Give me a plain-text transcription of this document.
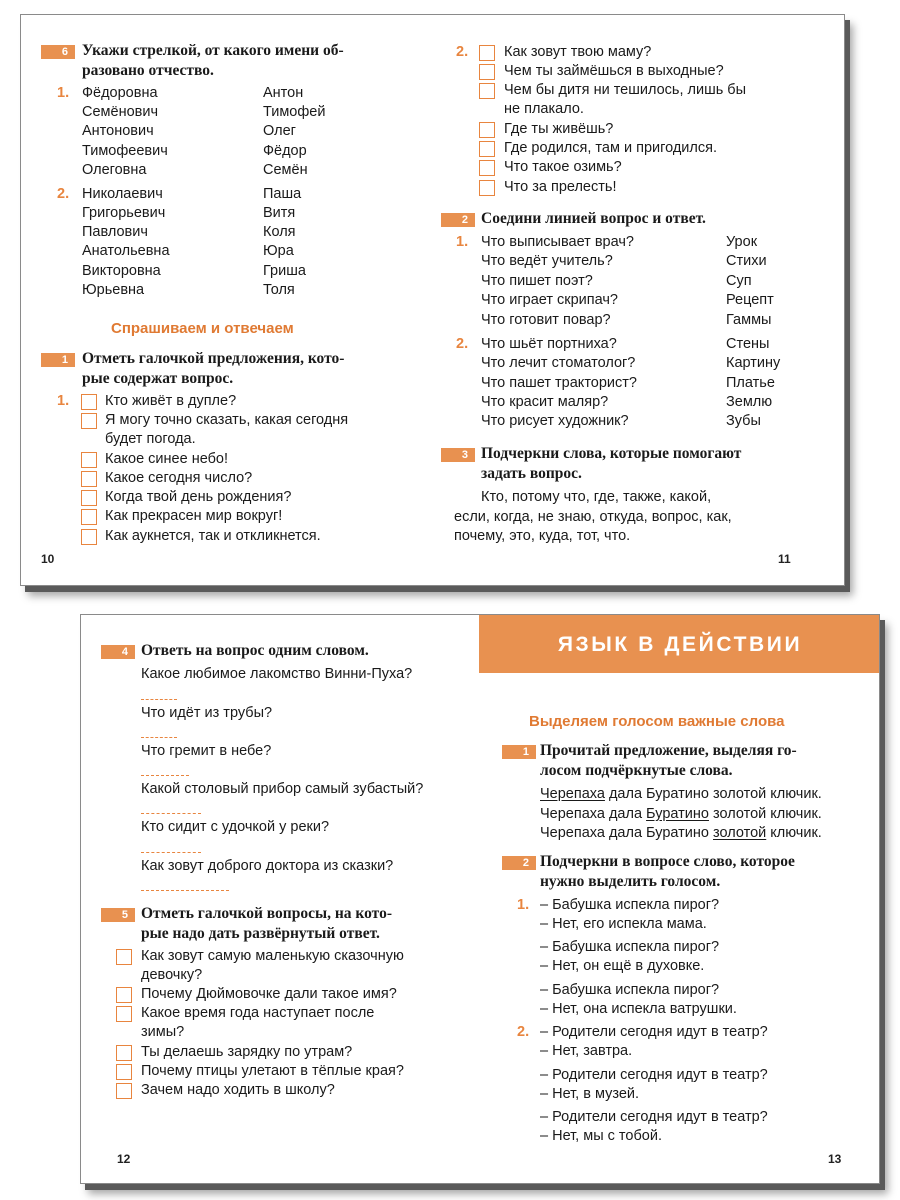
6 Укажи стрелкой, от какого имени об-
разовано отчество.
1. Фёдоровна
Семёнович
Антонович
Тимофеевич
Олеговна
Антон
Тимофей
Олег
Фёдор
Семён
2. Николаевич
Григорьевич
Павлович
Анатольевна
Викторовна
Юрьевна
Паша
Витя
Коля
Юра
Гриша
Толя
Спрашиваем и отвечаем
1 Отметь галочкой предложения, кото-
рые содержат вопрос.
1. Кто живёт в дупле?
Я могу точно сказать, какая сегодня
будет погода.
Какое синее небо!
Какое сегодня число?
Когда твой день рождения?
Как прекрасен мир вокруг!
Как аукнется, так и откликнется.
10
2. Как зовут твою маму?
Чем ты займёшься в выходные?
Чем бы дитя ни тешилось, лишь бы
не плакало.
Где ты живёшь?
Где родился, там и пригодился.
Что такое озимь?
Что за прелесть!
2 Соедини линией вопрос и ответ.
1. Что выписывает врач?
Что ведёт учитель?
Что пишет поэт?
Что играет скрипач?
Что готовит повар?
Урок
Стихи
Суп
Рецепт
Гаммы
2. Что шьёт портниха?
Что лечит стоматолог?
Что пашет тракторист?
Что красит маляр?
Что рисует художник?
Стены
Картину
Платье
Землю
Зубы
3 Подчеркни слова, которые помогают
задать вопрос.
Кто, потому что, где, также, какой,
если, когда, не знаю, откуда, вопрос, как,
почему, это, куда, тот, что.
11
ЯЗЫК В ДЕЙСТВИИ
4 Ответь на вопрос одним словом.
Какое любимое лакомство Винни-Пуха?
Что идёт из трубы?
Что гремит в небе?
Какой столовый прибор самый зубастый?
Кто сидит с удочкой у реки?
Как зовут доброго доктора из сказки?
5 Отметь галочкой вопросы, на кото-
рые надо дать развёрнутый ответ.
Как зовут самую маленькую сказочную
девочку?
Почему Дюймовочке дали такое имя?
Какое время года наступает после
зимы?
Ты делаешь зарядку по утрам?
Почему птицы улетают в тёплые края?
Зачем надо ходить в школу?
12
Выделяем голосом важные слова
1 Прочитай предложение, выделяя го-
лосом подчёркнутые слова.
Черепаха дала Буратино золотой ключик.
Черепаха дала Буратино золотой ключик.
Черепаха дала Буратино золотой ключик.
2 Подчеркни в вопросе слово, которое
нужно выделить голосом.
1. – Бабушка испекла пирог?
– Нет, его испекла мама.
– Бабушка испекла пирог?
– Нет, он ещё в духовке.
– Бабушка испекла пирог?
– Нет, она испекла ватрушки.
2. – Родители сегодня идут в театр?
– Нет, завтра.
– Родители сегодня идут в театр?
– Нет, в музей.
– Родители сегодня идут в театр?
– Нет, мы с тобой.
13
